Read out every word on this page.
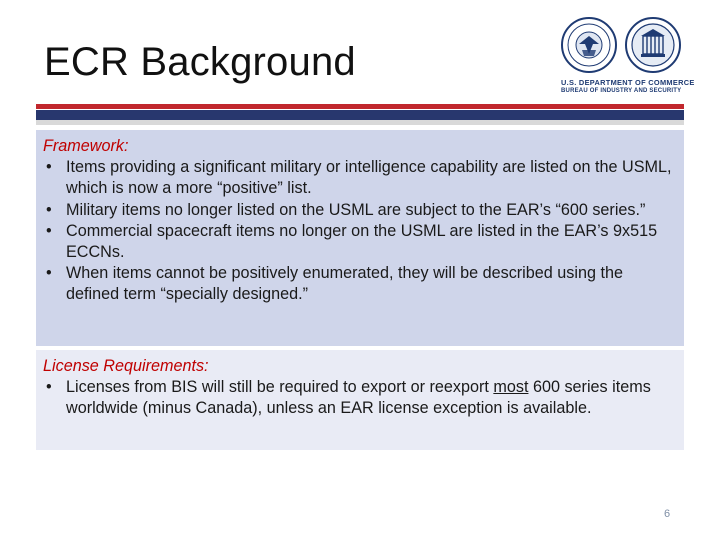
ECR Background	U.S. DEPARTMENT OF COMMERCE
BUREAU OF INDUSTRY AND SECURITY
Framework:
• Items providing a significant military or intelligence capability are listed on the USML, which is now a more “positive” list.
• Military items no longer listed on the USML are subject to the EAR’s “600 series.”
• Commercial spacecraft items no longer on the USML are listed in the EAR’s 9x515 ECCNs.
• When items cannot be positively enumerated, they will be described using the defined term “specially designed.”
License Requirements:
• Licenses from BIS will still be required to export or reexport most 600 series items worldwide (minus Canada), unless an EAR license exception is available.
6
